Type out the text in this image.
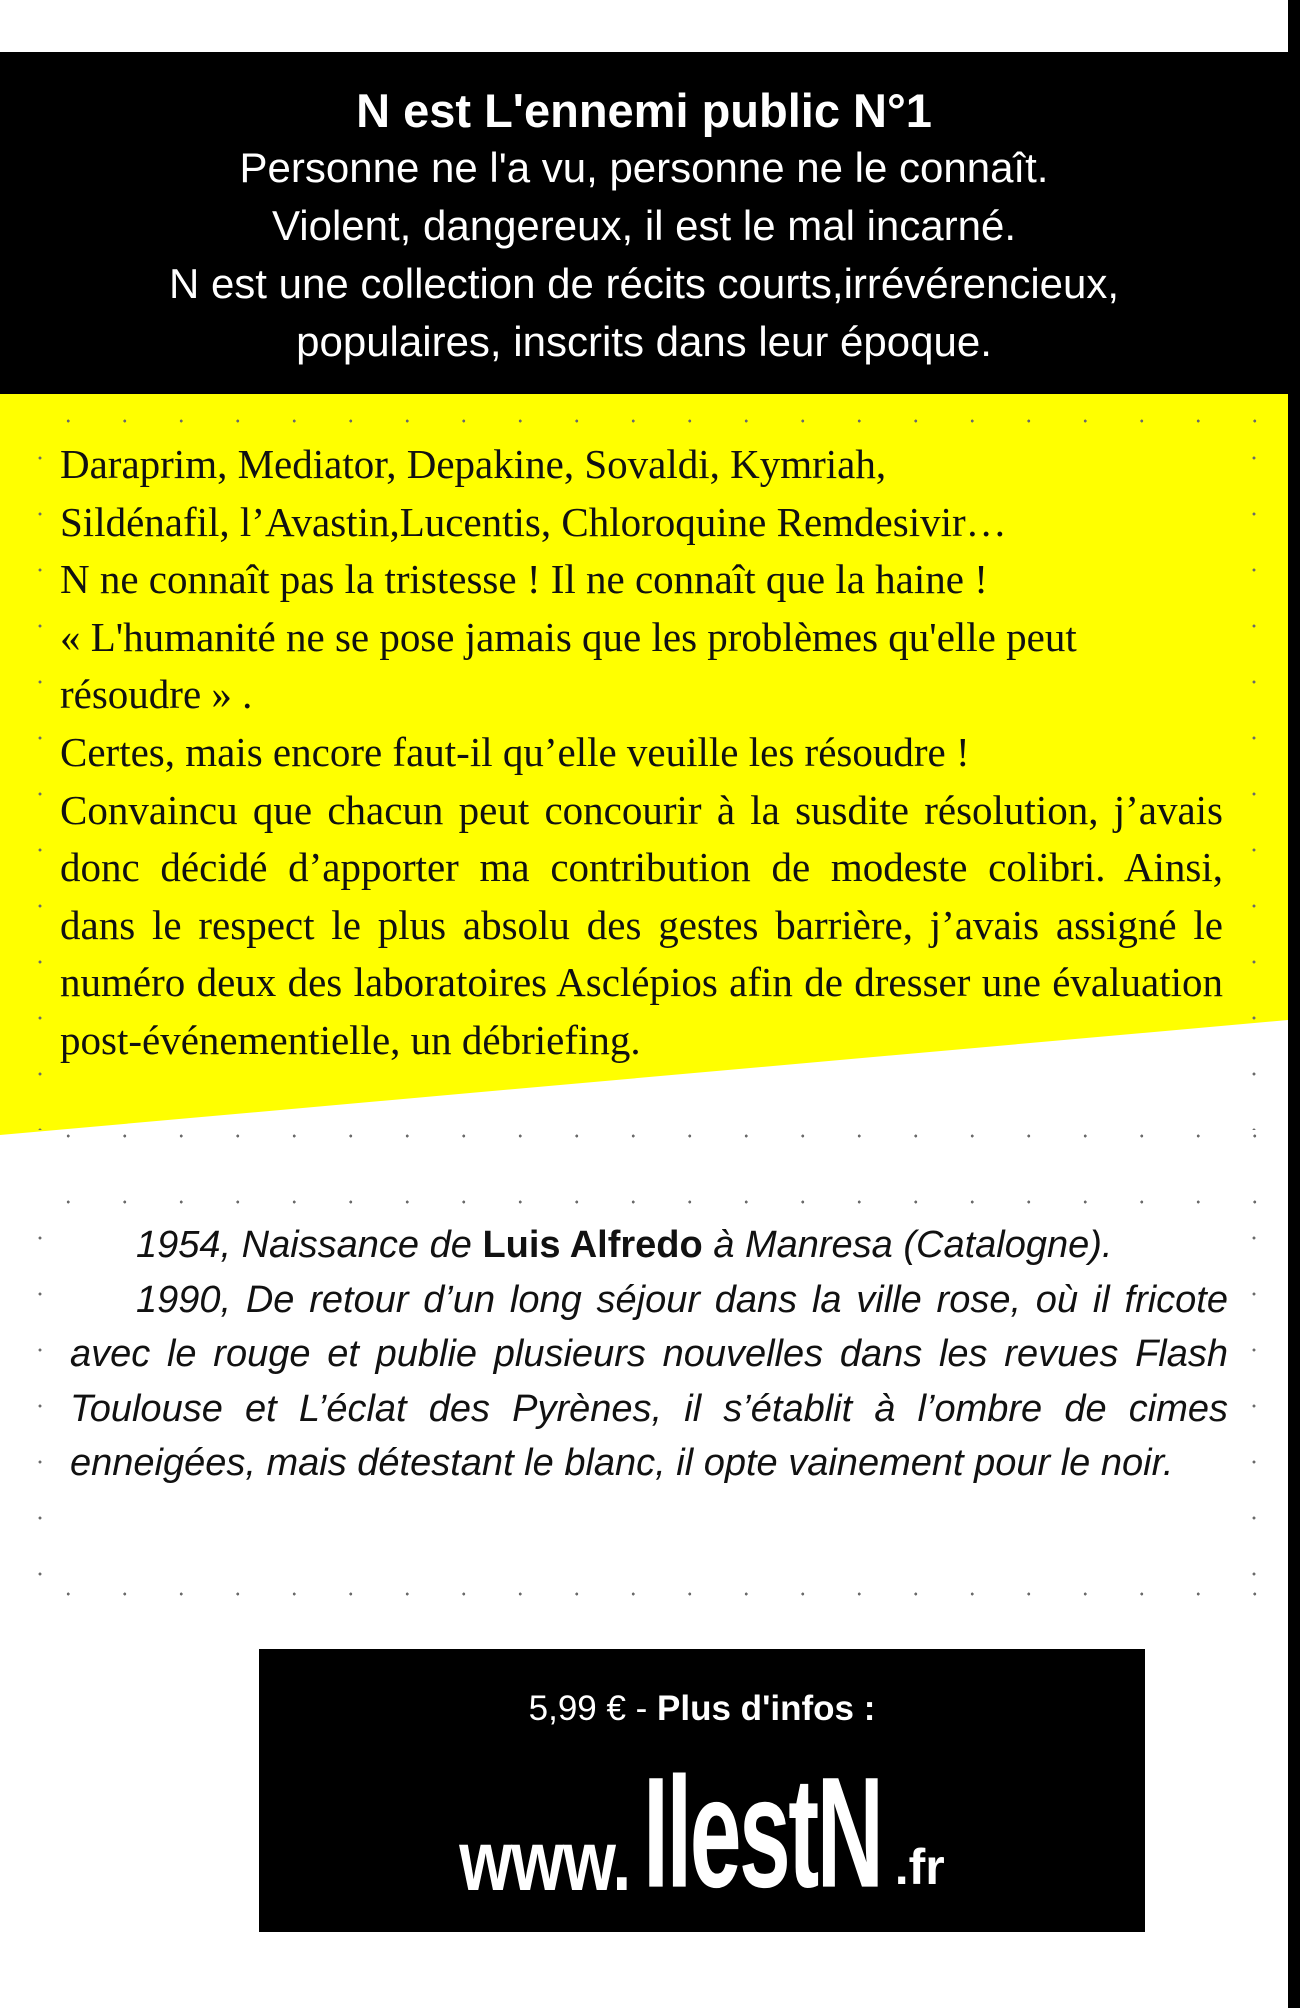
N est L'ennemi public N°1
Personne ne l'a vu, personne ne le connaît.
Violent, dangereux, il est le mal incarné.
N est une collection de récits courts,irrévérencieux,
populaires, inscrits dans leur époque.

Daraprim, Mediator, Depakine, Sovaldi, Kymriah,

Sildénafil, l’Avastin,Lucentis, Chloroquine Remdesivir…

N ne connaît pas la tristesse ! Il ne connaît que la haine !

« L'humanité ne se pose jamais que les problèmes qu'elle peut résoudre » .

Certes, mais encore faut-il qu’elle veuille les résoudre !

Convaincu que chacun peut concourir à la susdite résolution, j’avais donc décidé d’apporter ma contribution de modeste colibri. Ainsi, dans le respect le plus absolu des gestes barrière, j’avais assigné le numéro deux des laboratoires Asclépios afin de dresser une évaluation post-événementielle, un débriefing.

1954, Naissance de Luis Alfredo à Manresa (Catalogne).

1990, De retour d’un long séjour dans la ville rose, où il fricote avec le rouge et publie plusieurs nouvelles dans les revues Flash Toulouse et L’éclat des Pyrènes, il s’établit à l’ombre de cimes enneigées, mais détestant le blanc, il opte vainement pour le noir.

5,99 € - Plus d'infos :
www.IlestN .fr
